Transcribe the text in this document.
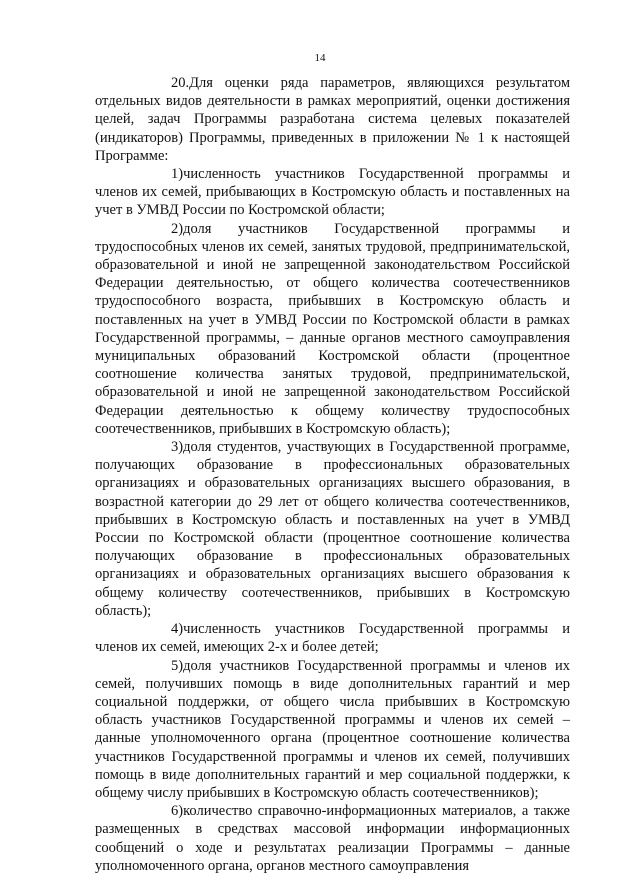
14

20.Для оценки ряда параметров, являющихся результатом отдельных видов деятельности в рамках мероприятий, оценки достижения целей, задач Программы разработана система целевых показателей (индикаторов) Программы, приведенных в приложении № 1 к настоящей Программе:

1)численность участников Государственной программы и членов их семей, прибывающих в Костромскую область и поставленных на учет в УМВД России по Костромской области;

2)доля участников Государственной программы и трудоспособных членов их семей, занятых трудовой, предпринимательской, образовательной и иной не запрещенной законодательством Российской Федерации деятельностью, от общего количества соотечественников трудоспособного возраста, прибывших в Костромскую область и поставленных на учет в УМВД России по Костромской области в рамках Государственной программы, – данные органов местного самоуправления муниципальных образований Костромской области (процентное соотношение количества занятых трудовой, предпринимательской, образовательной и иной не запрещенной законодательством Российской Федерации деятельностью к общему количеству трудоспособных соотечественников, прибывших в Костромскую область);

3)доля студентов, участвующих в Государственной программе, получающих образование в профессиональных образовательных организациях и образовательных организациях высшего образования, в возрастной категории до 29 лет от общего количества соотечественников, прибывших в Костромскую область и поставленных на учет в УМВД России по Костромской области (процентное соотношение количества получающих образование в профессиональных образовательных организациях и образовательных организациях высшего образования к общему количеству соотечественников, прибывших в Костромскую область);

4)численность участников Государственной программы и членов их семей, имеющих 2-х и более детей;

5)доля участников Государственной программы и членов их семей, получивших помощь в виде дополнительных гарантий и мер социальной поддержки, от общего числа прибывших в Костромскую область участников Государственной программы и членов их семей – данные уполномоченного органа (процентное соотношение количества участников Государственной программы и членов их семей, получивших помощь в виде дополнительных гарантий и мер социальной поддержки, к общему числу прибывших в Костромскую область соотечественников);

6)количество справочно-информационных материалов, а также размещенных в средствах массовой информации информационных сообщений о ходе и результатах реализации Программы – данные уполномоченного органа, органов местного самоуправления
